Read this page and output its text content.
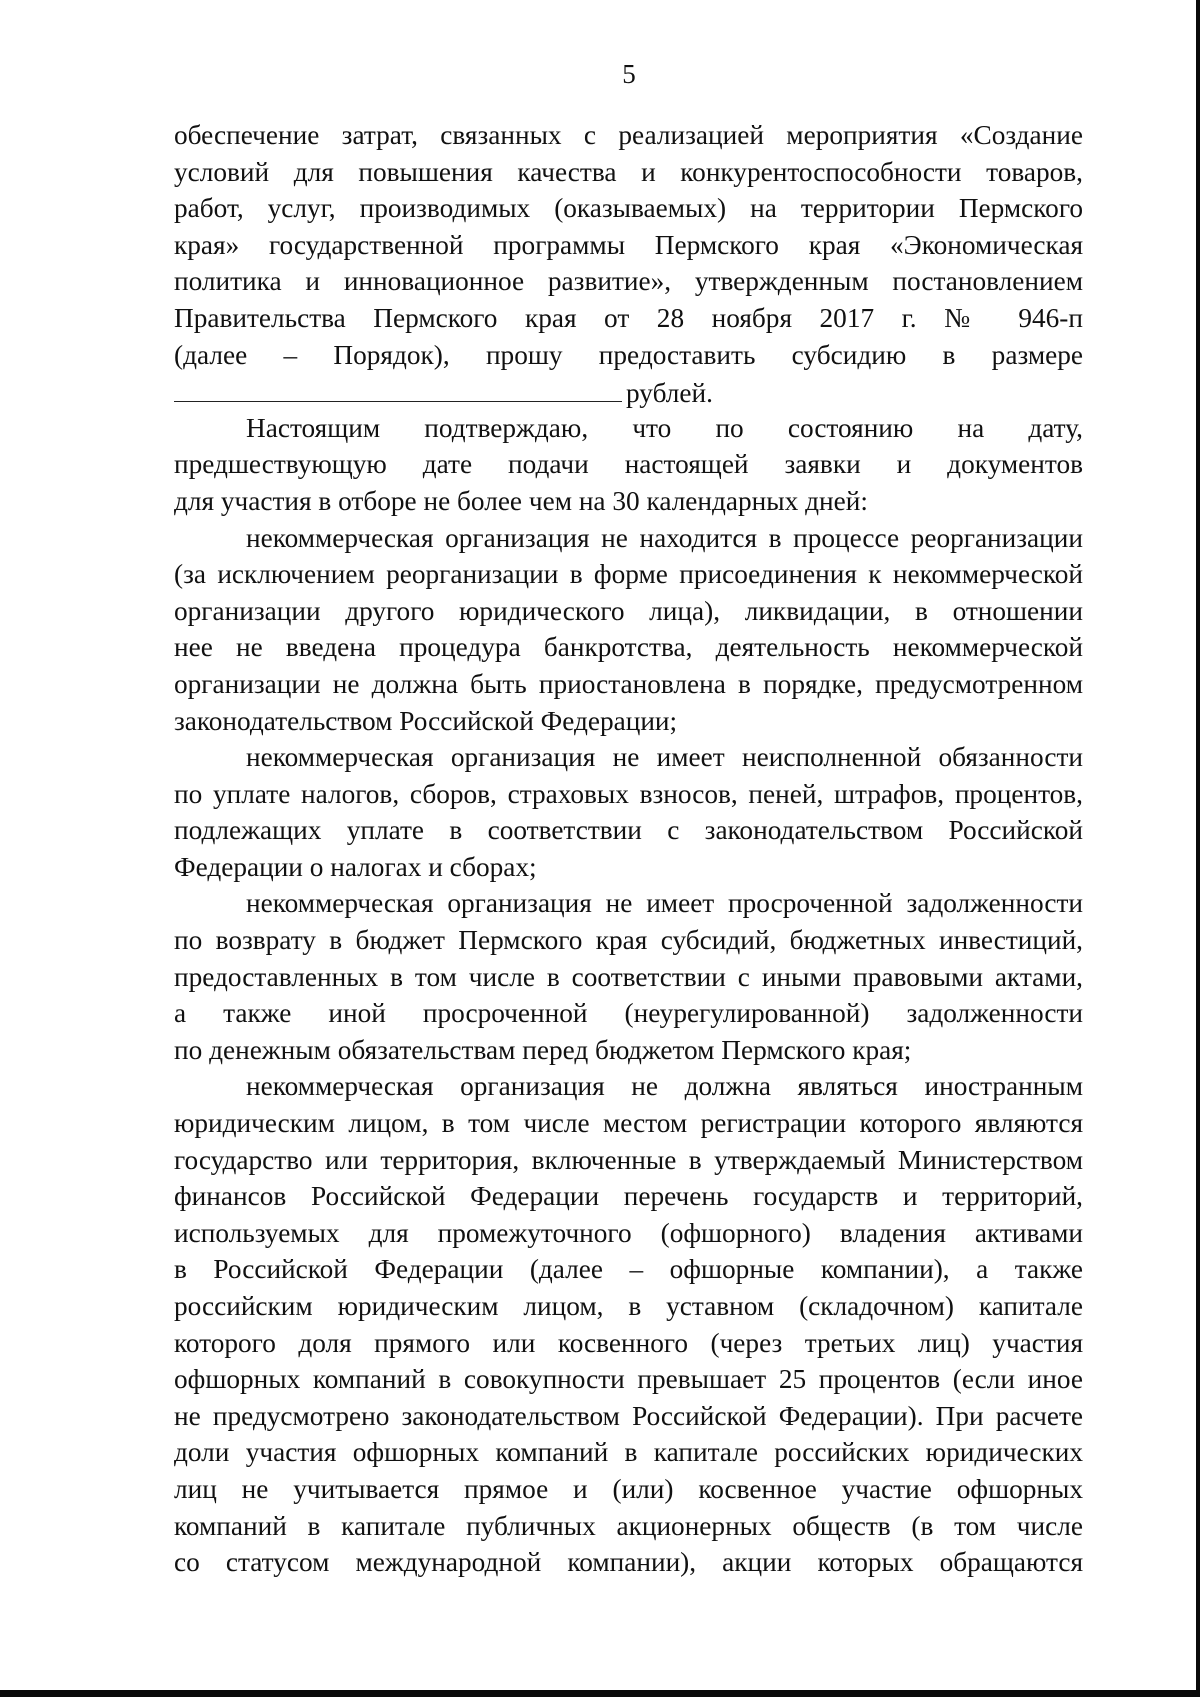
5
обеспечение затрат, связанных с реализацией мероприятия «Создание
условий для повышения качества и конкурентоспособности товаров,
работ, услуг, производимых (оказываемых) на территории Пермского
края» государственной программы Пермского края «Экономическая
политика и инновационное развитие», утвержденным постановлением
Правительства Пермского края от 28 ноября 2017 г. № 946-п
(далее – Порядок), прошу предоставить субсидию в размере
рублей.
Настоящим подтверждаю, что по состоянию на дату,
предшествующую дате подачи настоящей заявки и документов
для участия в отборе не более чем на 30 календарных дней:
некоммерческая организация не находится в процессе реорганизации
(за исключением реорганизации в форме присоединения к некоммерческой
организации другого юридического лица), ликвидации, в отношении
нее не введена процедура банкротства, деятельность некоммерческой
организации не должна быть приостановлена в порядке, предусмотренном
законодательством Российской Федерации;
некоммерческая организация не имеет неисполненной обязанности
по уплате налогов, сборов, страховых взносов, пеней, штрафов, процентов,
подлежащих уплате в соответствии с законодательством Российской
Федерации о налогах и сборах;
некоммерческая организация не имеет просроченной задолженности
по возврату в бюджет Пермского края субсидий, бюджетных инвестиций,
предоставленных в том числе в соответствии с иными правовыми актами,
а также иной просроченной (неурегулированной) задолженности
по денежным обязательствам перед бюджетом Пермского края;
некоммерческая организация не должна являться иностранным
юридическим лицом, в том числе местом регистрации которого являются
государство или территория, включенные в утверждаемый Министерством
финансов Российской Федерации перечень государств и территорий,
используемых для промежуточного (офшорного) владения активами
в Российской Федерации (далее – офшорные компании), а также
российским юридическим лицом, в уставном (складочном) капитале
которого доля прямого или косвенного (через третьих лиц) участия
офшорных компаний в совокупности превышает 25 процентов (если иное
не предусмотрено законодательством Российской Федерации). При расчете
доли участия офшорных компаний в капитале российских юридических
лиц не учитывается прямое и (или) косвенное участие офшорных
компаний в капитале публичных акционерных обществ (в том числе
со статусом международной компании), акции которых обращаются
